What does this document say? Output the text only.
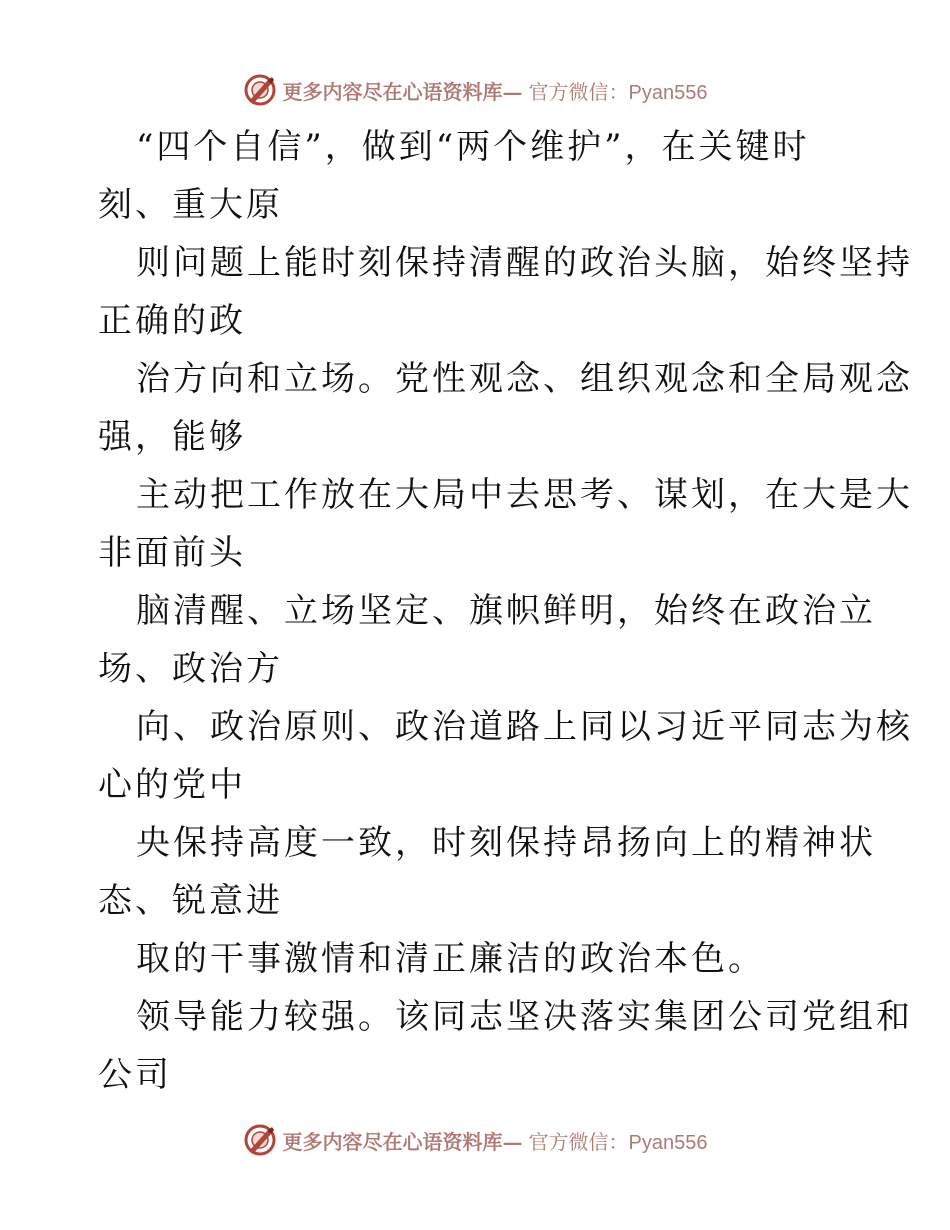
更多内容尽在心语资料库— 官方微信：Pyan556
“四个自信”，做到“两个维护”，在关键时
刻、重大原
则问题上能时刻保持清醒的政治头脑，始终坚持
正确的政
治方向和立场。党性观念、组织观念和全局观念
强，能够
主动把工作放在大局中去思考、谋划，在大是大
非面前头
脑清醒、立场坚定、旗帜鲜明，始终在政治立
场、政治方
向、政治原则、政治道路上同以习近平同志为核
心的党中
央保持高度一致，时刻保持昂扬向上的精神状
态、锐意进
取的干事激情和清正廉洁的政治本色。
领导能力较强。该同志坚决落实集团公司党组和
公司
更多内容尽在心语资料库— 官方微信：Pyan556
